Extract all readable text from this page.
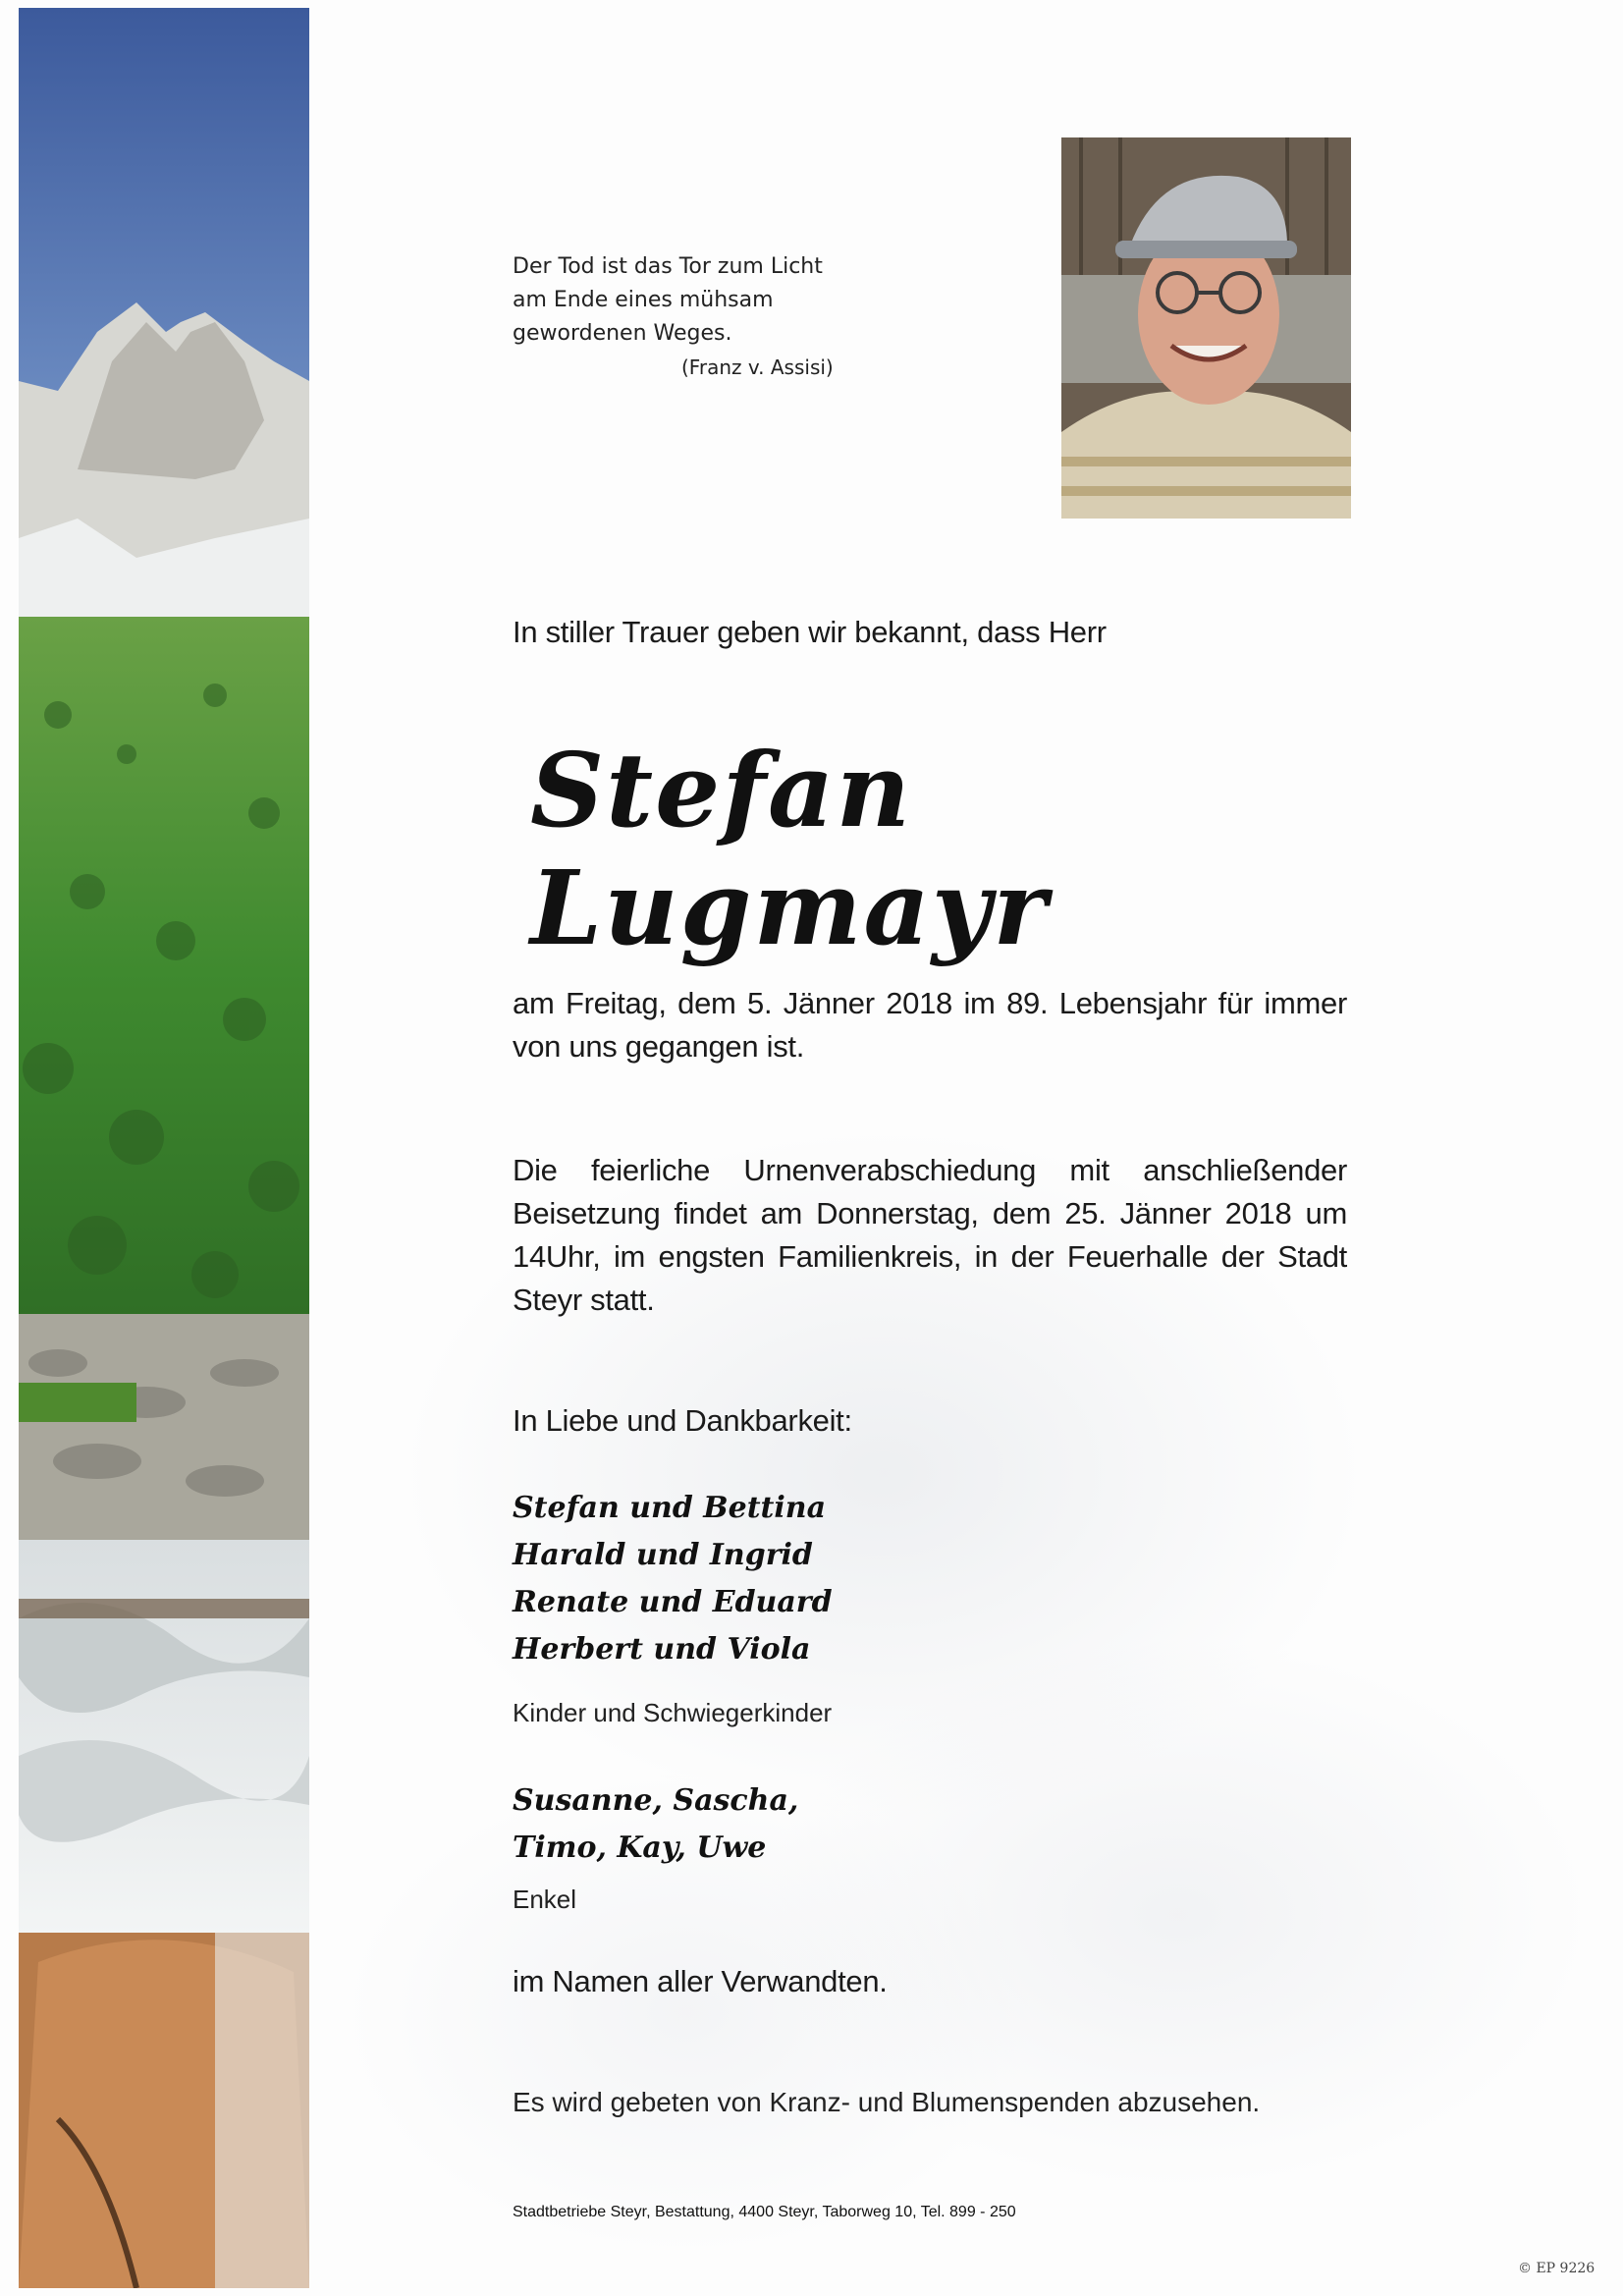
Der Tod ist das Tor zum Licht
am Ende eines mühsam
gewordenen Weges.
(Franz v. Assisi)
In stiller Trauer geben wir bekannt, dass Herr
Stefan Lugmayr
am Freitag, dem 5. Jänner 2018 im 89. Lebensjahr für immer von uns gegangen ist.
Die feierliche Urnenverabschiedung mit anschließender Beisetzung findet am Donnerstag, dem 25. Jänner 2018 um 14Uhr, im engsten Familienkreis, in der Feuerhalle der Stadt Steyr statt.
In Liebe und Dankbarkeit:
Stefan und Bettina
Harald und Ingrid
Renate und Eduard
Herbert und Viola
Kinder und Schwiegerkinder
Susanne, Sascha,
Timo, Kay, Uwe
Enkel
im Namen aller Verwandten.
Es wird gebeten von Kranz- und Blumenspenden abzusehen.
Stadtbetriebe Steyr, Bestattung, 4400 Steyr, Taborweg 10, Tel. 899 - 250
© EP 9226
